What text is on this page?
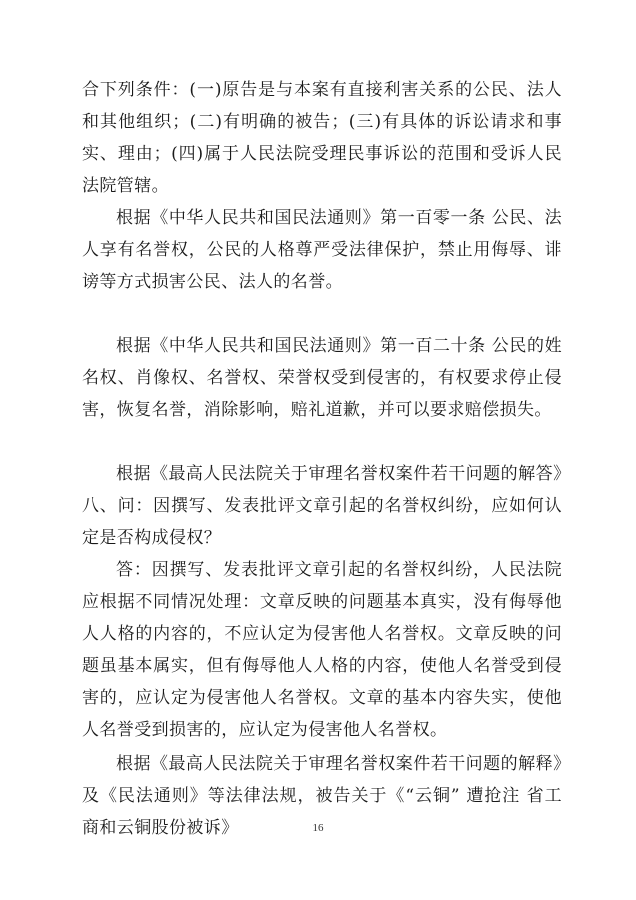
合下列条件：(一)原告是与本案有直接利害关系的公民、法人和其他组织；(二)有明确的被告；(三)有具体的诉讼请求和事实、理由；(四)属于人民法院受理民事诉讼的范围和受诉人民法院管辖。

根据《中华人民共和国民法通则》第一百零一条 公民、法人享有名誉权，公民的人格尊严受法律保护，禁止用侮辱、诽谤等方式损害公民、法人的名誉。

根据《中华人民共和国民法通则》第一百二十条 公民的姓名权、肖像权、名誉权、荣誉权受到侵害的，有权要求停止侵害，恢复名誉，消除影响，赔礼道歉，并可以要求赔偿损失。

根据《最高人民法院关于审理名誉权案件若干问题的解答》八、问：因撰写、发表批评文章引起的名誉权纠纷，应如何认定是否构成侵权？

答：因撰写、发表批评文章引起的名誉权纠纷，人民法院应根据不同情况处理：文章反映的问题基本真实，没有侮辱他人人格的内容的，不应认定为侵害他人名誉权。文章反映的问题虽基本属实，但有侮辱他人人格的内容，使他人名誉受到侵害的，应认定为侵害他人名誉权。文章的基本内容失实，使他人名誉受到损害的，应认定为侵害他人名誉权。

根据《最高人民法院关于审理名誉权案件若干问题的解释》及《民法通则》等法律法规，被告关于《“云铜” 遭抢注 省工商和云铜股份被诉》	16
